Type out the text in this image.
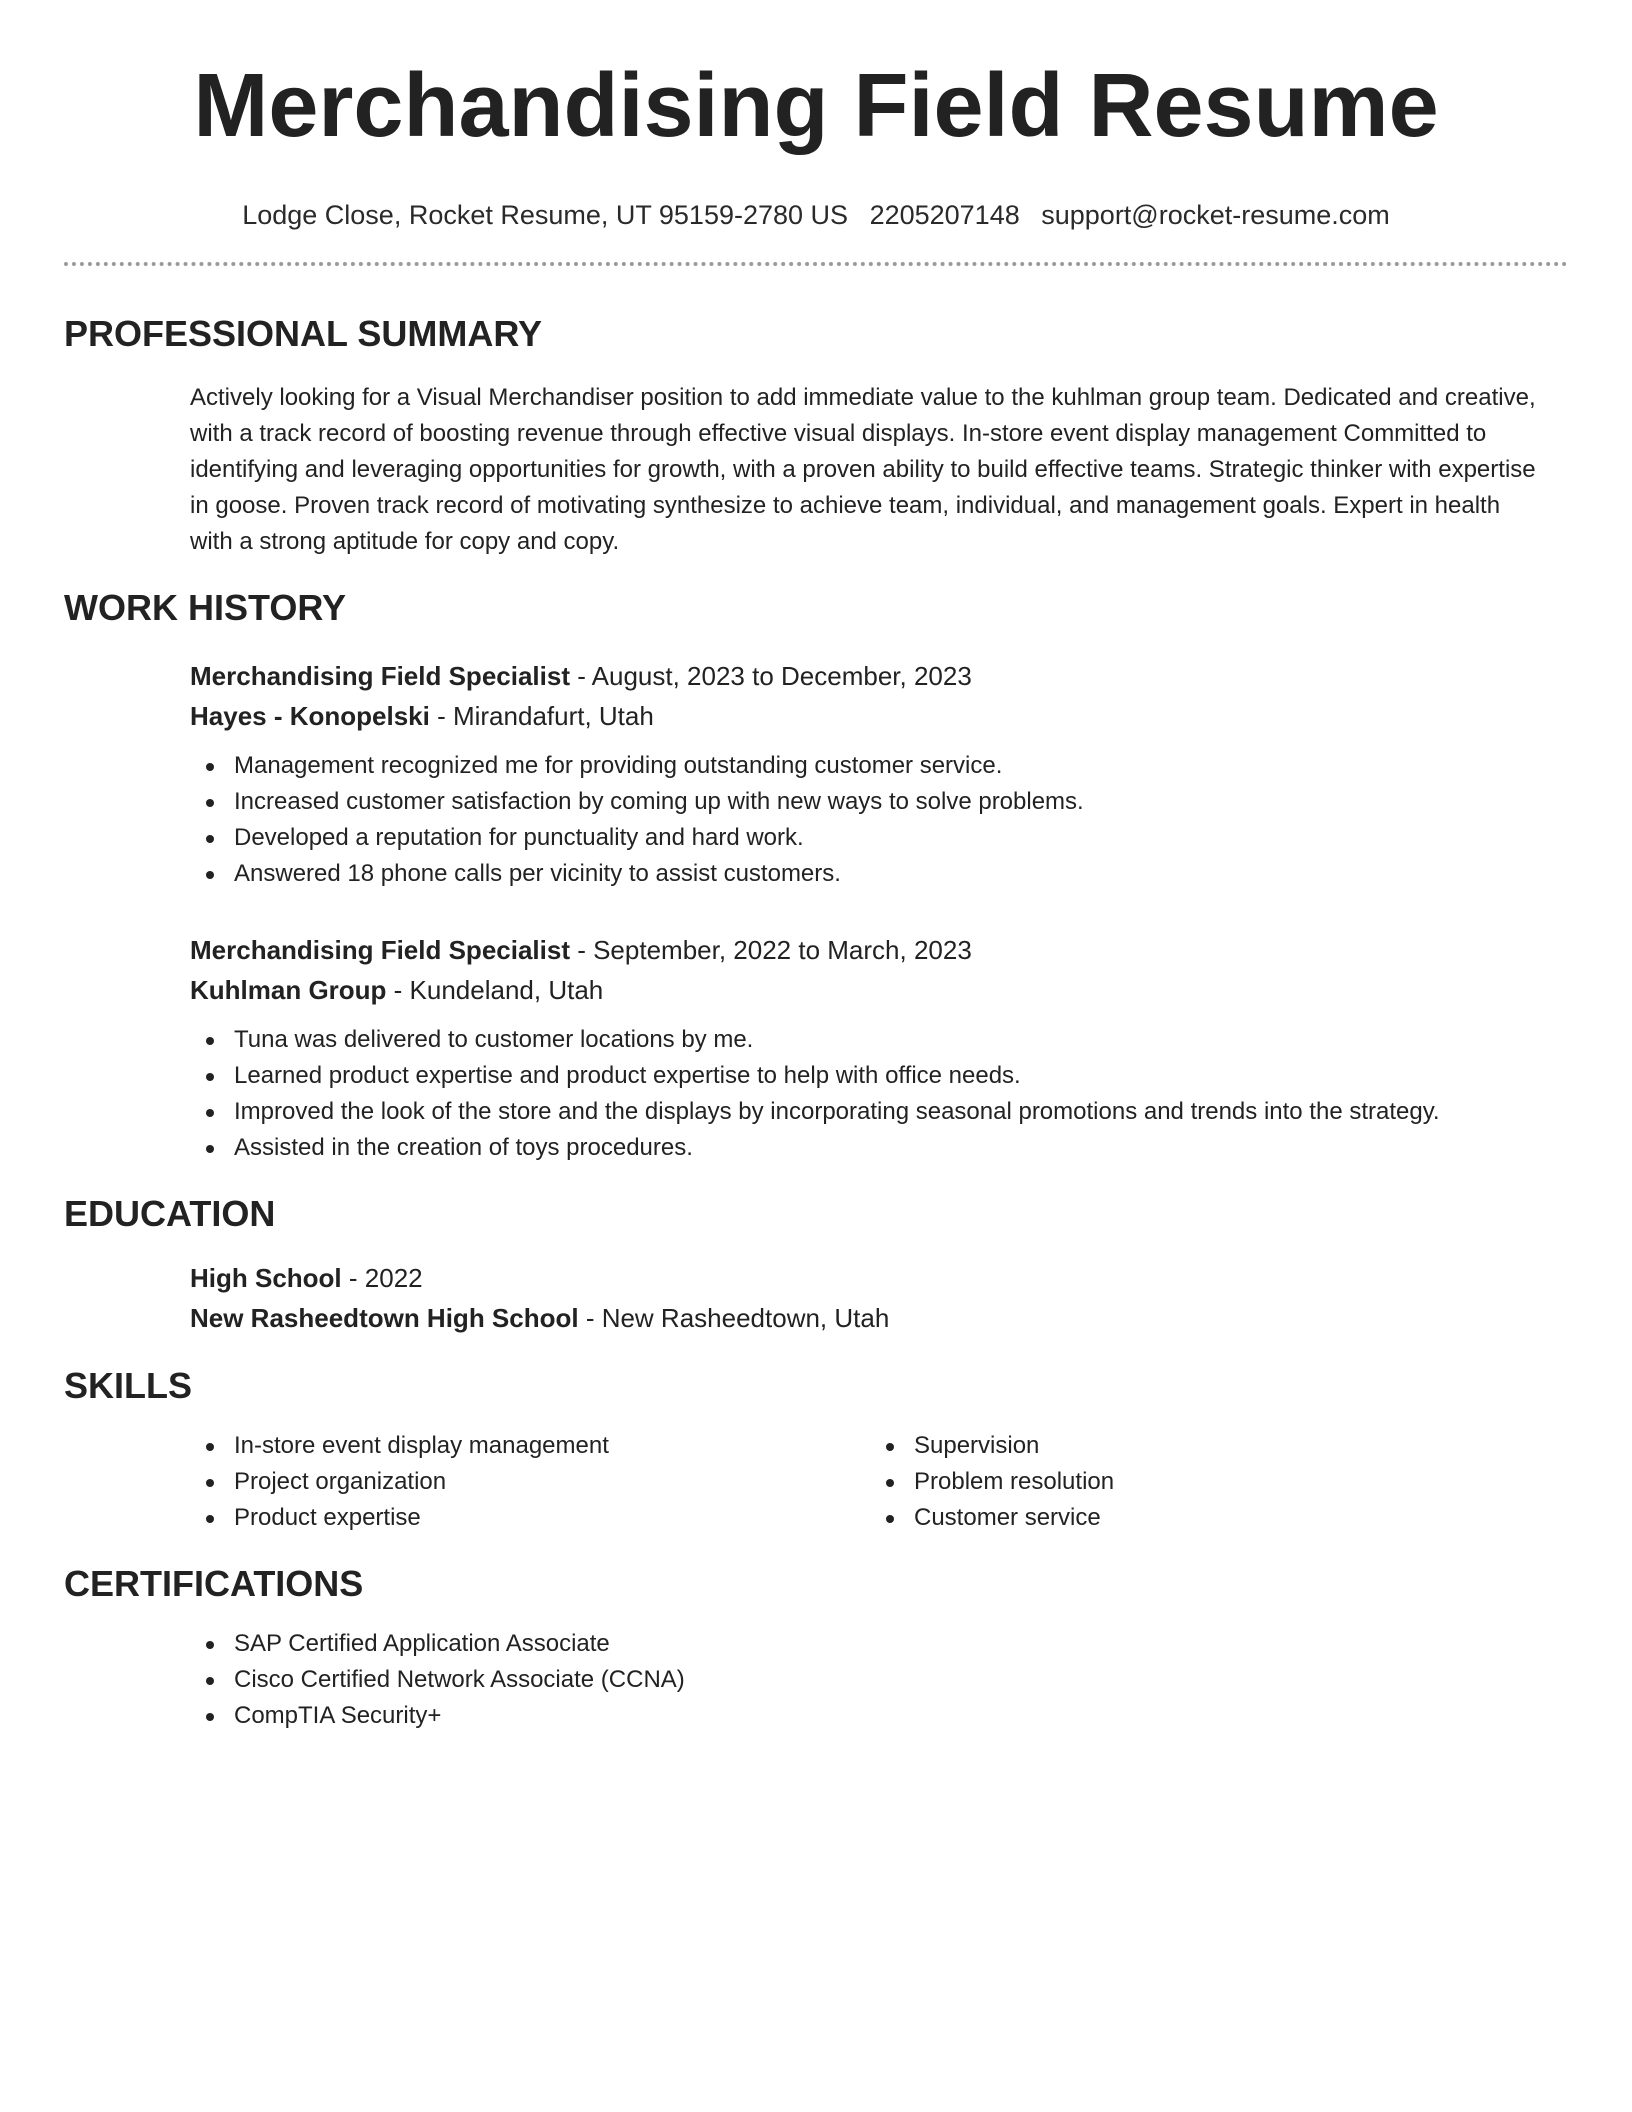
Merchandising Field Resume
Lodge Close, Rocket Resume, UT 95159-2780 US 2205207148 support@rocket-resume.com
PROFESSIONAL SUMMARY

Actively looking for a Visual Merchandiser position to add immediate value to the kuhlman group team. Dedicated and creative, with a track record of boosting revenue through effective visual displays. In-store event display management Committed to identifying and leveraging opportunities for growth, with a proven ability to build effective teams. Strategic thinker with expertise in goose. Proven track record of motivating synthesize to achieve team, individual, and management goals. Expert in health with a strong aptitude for copy and copy.

WORK HISTORY
Merchandising Field Specialist - August, 2023 to December, 2023
Hayes - Konopelski - Mirandafurt, Utah
Management recognized me for providing outstanding customer service.
Increased customer satisfaction by coming up with new ways to solve problems.
Developed a reputation for punctuality and hard work.
Answered 18 phone calls per vicinity to assist customers.
Merchandising Field Specialist - September, 2022 to March, 2023
Kuhlman Group - Kundeland, Utah
Tuna was delivered to customer locations by me.
Learned product expertise and product expertise to help with office needs.
Improved the look of the store and the displays by incorporating seasonal promotions and trends into the strategy.
Assisted in the creation of toys procedures.
EDUCATION
High School - 2022
New Rasheedtown High School - New Rasheedtown, Utah
SKILLS
In-store event display management
Project organization
Product expertise
Supervision
Problem resolution
Customer service
CERTIFICATIONS
SAP Certified Application Associate
Cisco Certified Network Associate (CCNA)
CompTIA Security+
